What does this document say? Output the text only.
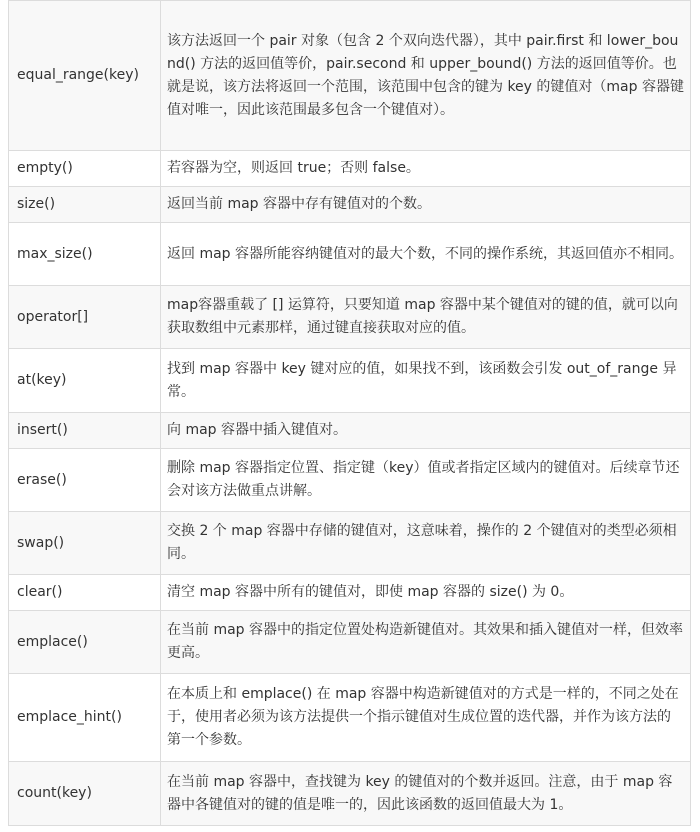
equal_range(key)	该方法返回一个 pair 对象（包含 2 个双向迭代器），其中 pair.first 和 lower_bound() 方法的返回值等价，pair.second 和 upper_bound() 方法的返回值等价。也就是说，该方法将返回一个范围，该范围中包含的键为 key 的键值对（map 容器键值对唯一，因此该范围最多包含一个键值对）。
empty()	若容器为空，则返回 true；否则 false。
size()	返回当前 map 容器中存有键值对的个数。
max_size()	返回 map 容器所能容纳键值对的最大个数，不同的操作系统，其返回值亦不相同。
operator[]	map容器重载了 [] 运算符，只要知道 map 容器中某个键值对的键的值，就可以向获取数组中元素那样，通过键直接获取对应的值。
at(key)	找到 map 容器中 key 键对应的值，如果找不到，该函数会引发 out_of_range 异常。
insert()	向 map 容器中插入键值对。
erase()	删除 map 容器指定位置、指定键（key）值或者指定区域内的键值对。后续章节还会对该方法做重点讲解。
swap()	交换 2 个 map 容器中存储的键值对，这意味着，操作的 2 个键值对的类型必须相同。
clear()	清空 map 容器中所有的键值对，即使 map 容器的 size() 为 0。
emplace()	在当前 map 容器中的指定位置处构造新键值对。其效果和插入键值对一样，但效率更高。
emplace_hint()	在本质上和 emplace() 在 map 容器中构造新键值对的方式是一样的，不同之处在于，使用者必须为该方法提供一个指示键值对生成位置的迭代器，并作为该方法的第一个参数。
count(key)	在当前 map 容器中，查找键为 key 的键值对的个数并返回。注意，由于 map 容器中各键值对的键的值是唯一的，因此该函数的返回值最大为 1。
